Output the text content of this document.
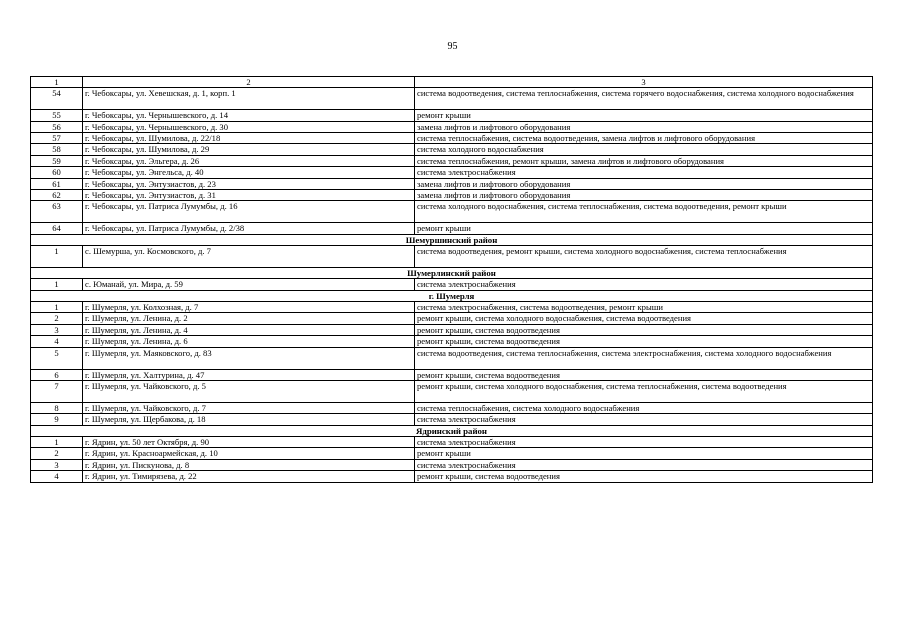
95
1	2	3
54	г. Чебоксары, ул. Хевешская, д. 1, корп. 1	система водоотведения, система теплоснабжения, система горячего водоснабжения, система холодного водоснабжения
55	г. Чебоксары, ул. Чернышевского, д. 14	ремонт крыши
56	г. Чебоксары, ул. Чернышевского, д. 30	замена лифтов и лифтового оборудования
57	г. Чебоксары, ул. Шумилова, д. 22/18	система теплоснабжения, система водоотведения, замена лифтов и лифтового оборудования
58	г. Чебоксары, ул. Шумилова, д. 29	система холодного водоснабжения
59	г. Чебоксары, ул. Эльгера, д. 26	система теплоснабжения, ремонт крыши, замена лифтов и лифтового оборудования
60	г. Чебоксары, ул. Энгельса, д. 40	система электроснабжения
61	г. Чебоксары, ул. Энтузиастов, д. 23	замена лифтов и лифтового оборудования
62	г. Чебоксары, ул. Энтузиастов, д. 31	замена лифтов и лифтового оборудования
63	г. Чебоксары, ул. Патриса Лумумбы, д. 16	система холодного водоснабжения, система теплоснабжения, система водоотведения, ремонт крыши
64	г. Чебоксары, ул. Патриса Лумумбы, д. 2/38	ремонт крыши
Шемуршинский район		
1	с. Шемурша, ул. Космовского, д. 7	система водоотведения, ремонт крыши, система холодного водоснабжения, система теплоснабжения
Шумерлинский район		
1	с. Юманай, ул. Мира, д. 59	система электроснабжения
г. Шумерля		
1	г. Шумерля, ул. Колхозная, д. 7	система электроснабжения, система водоотведения, ремонт крыши
2	г. Шумерля, ул. Ленина, д. 2	ремонт крыши, система холодного водоснабжения, система водоотведения
3	г. Шумерля, ул. Ленина, д. 4	ремонт крыши, система водоотведения
4	г. Шумерля, ул. Ленина, д. 6	ремонт крыши, система водоотведения
5	г. Шумерля, ул. Маяковского, д. 83	система водоотведения, система теплоснабжения, система электроснабжения, система холодного водоснабжения
6	г. Шумерля, ул. Халтурина, д. 47	ремонт крыши, система водоотведения
7	г. Шумерля, ул. Чайковского, д. 5	ремонт крыши, система холодного водоснабжения, система теплоснабжения, система водоотведения
8	г. Шумерля, ул. Чайковского, д. 7	система теплоснабжения, система холодного водоснабжения
9	г. Шумерля, ул. Щербакова, д. 18	система электроснабжения
Ядринский район		
1	г. Ядрин, ул. 50 лет Октября, д. 90	система электроснабжения
2	г. Ядрин, ул. Красноармейская, д. 10	ремонт крыши
3	г. Ядрин, ул. Пискунова, д. 8	система электроснабжения
4	г. Ядрин, ул. Тимирязева, д. 22	ремонт крыши, система водоотведения
